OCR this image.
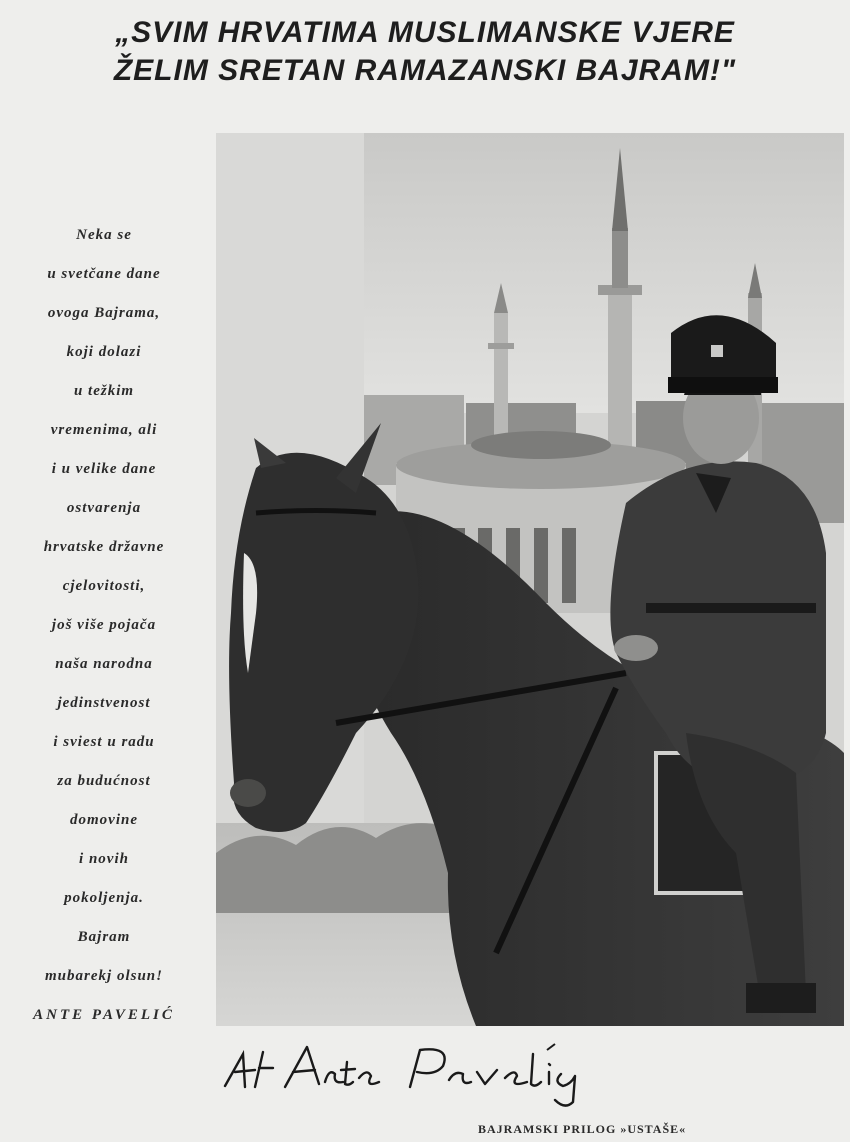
„SVIM HRVATIMA MUSLIMANSKE VJERE
ŽELIM SRETAN RAMAZANSKI BAJRAM!"
Neka se
u svetčane dane
ovoga Bajrama,
koji dolazi
u težkim
vremenima, ali
i u velike dane
ostvarenja
hrvatske državne
cjelovitosti,
još više pojača
naša narodna
jedinstvenost
i sviest u radu
za budućnost
domovine
i novih
pokoljenja.
Bajram
mubarekj olsun!
ANTE PAVELIĆ
BAJRAMSKI PRILOG »USTAŠE«
